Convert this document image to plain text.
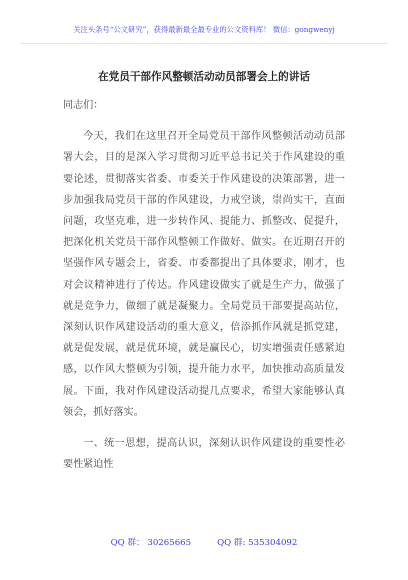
关注头条号“公文研究”，获得最新最全最专业的公文资料库！ 微信：gongwenyj
在党员干部作风整顿活动动员部署会上的讲话

同志们：

今天，我们在这里召开全局党员干部作风整顿活动动员部署大会，目的是深入学习贯彻习近平总书记关于作风建设的重要论述，贯彻落实省委、市委关于作风建设的决策部署，进一步加强我局党员干部的作风建设，力戒空谈，崇尚实干，直面问题，攻坚克难，进一步转作风、提能力、抓整改、促提升，把深化机关党员干部作风整顿工作做好、做实。在近期召开的坚强作风专题会上，省委、市委都提出了具体要求，刚才，也对会议精神进行了传达。作风建设做实了就是生产力，做强了就是竞争力，做细了就是凝聚力。全局党员干部要提高站位，深刻认识作风建设活动的重大意义，倍添抓作风就是抓党建，就是促发展，就是优环境，就是赢民心，切实增强责任感紧迫感，以作风大整顿为引领，提升能力水平，加快推动高质量发展。下面，我对作风建设活动提几点要求，希望大家能够认真领会，抓好落实。

一、统一思想，提高认识，深刻认识作风建设的重要性必要性紧迫性

QQ 群： 30265665	QQ 群: 535304092
